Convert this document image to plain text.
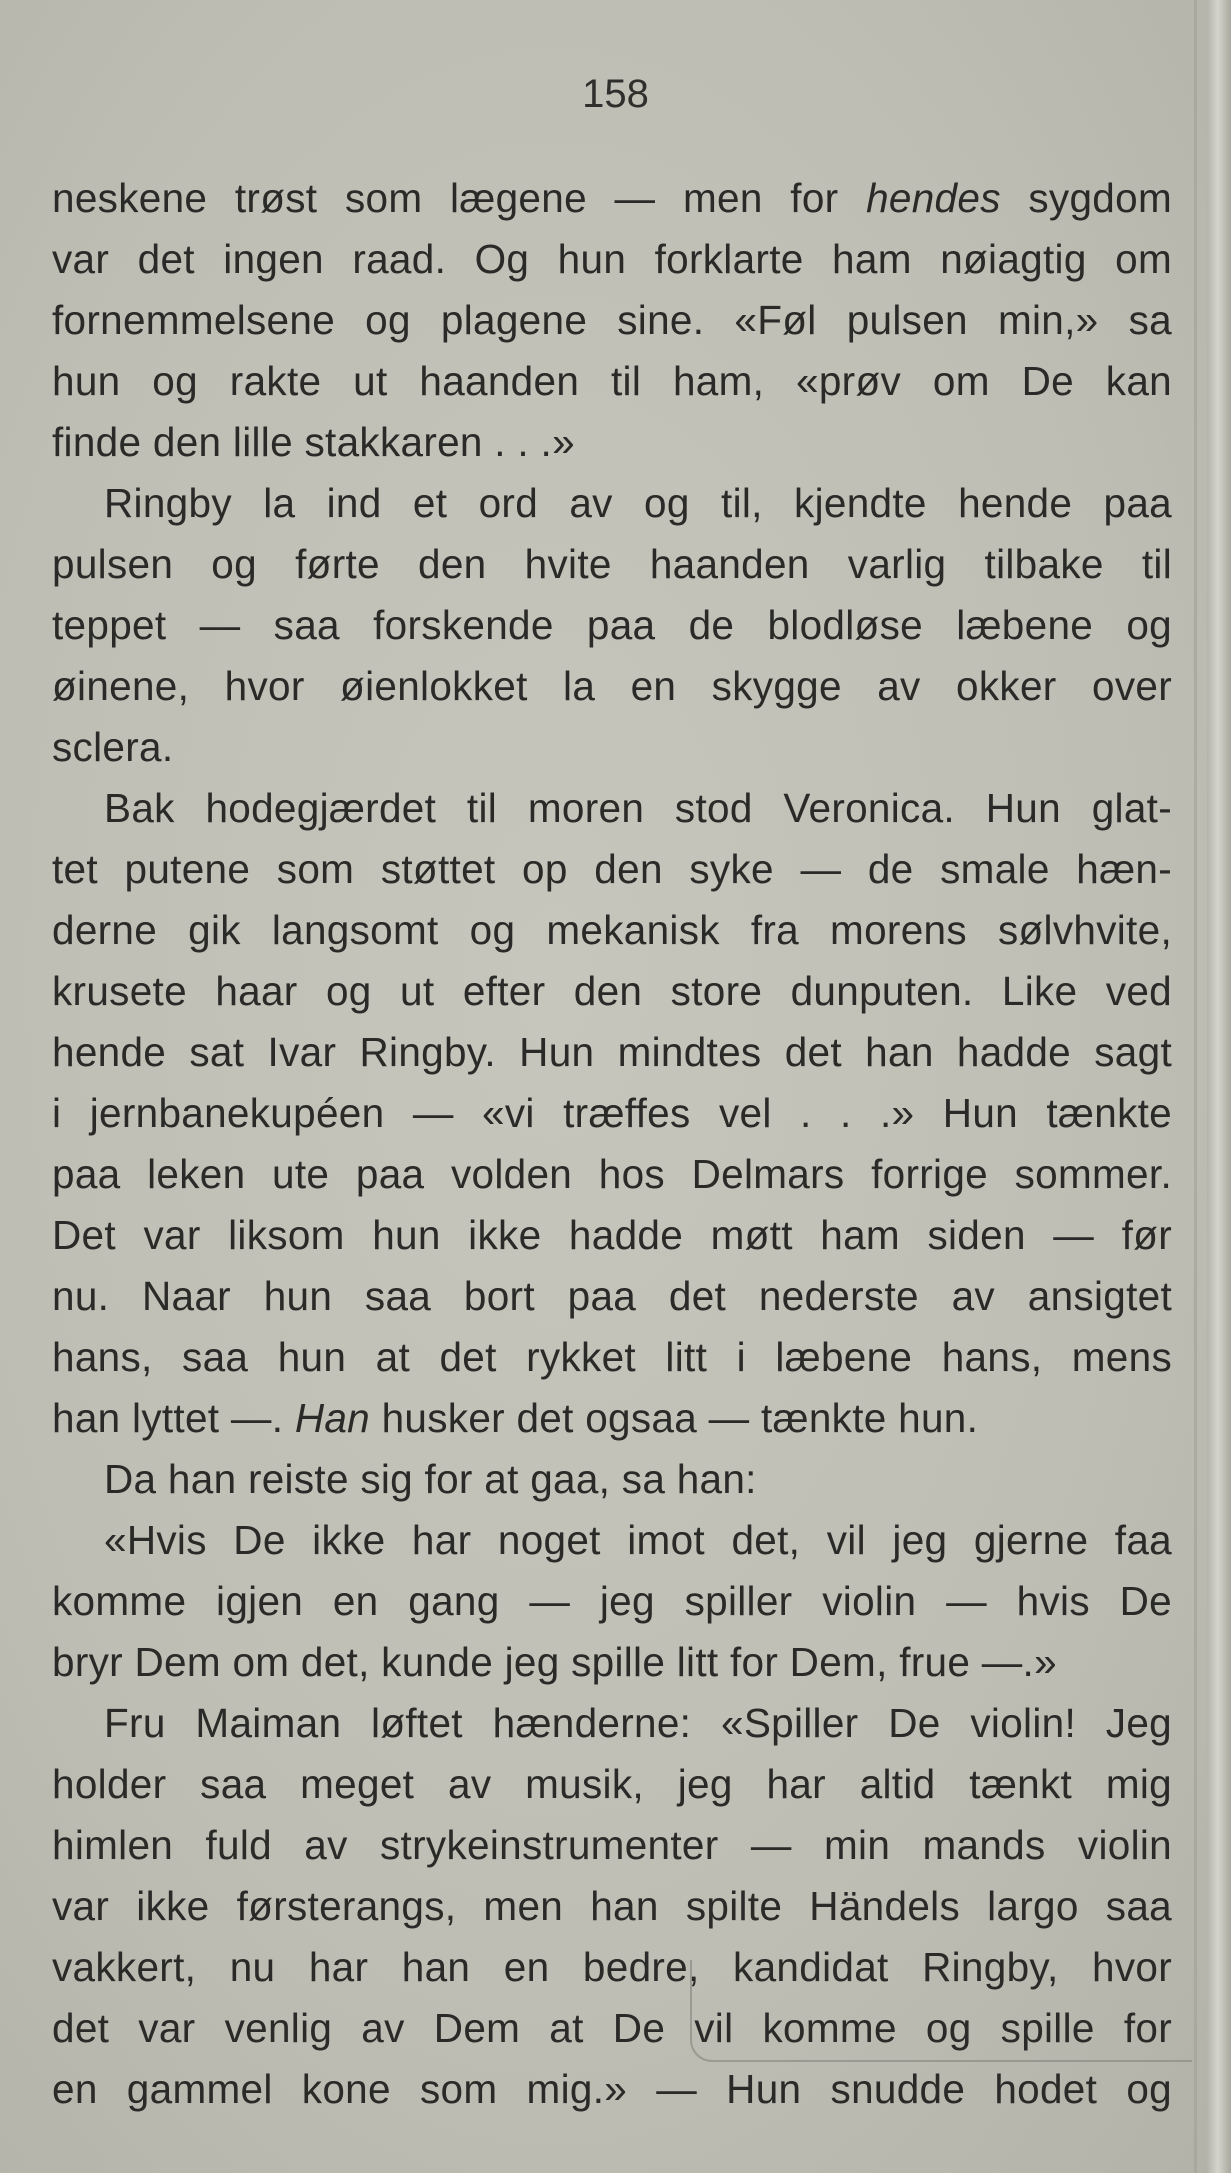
158
neskene trøst som lægene — men for hendes sygdom
var det ingen raad. Og hun forklarte ham nøiagtig om
fornemmelsene og plagene sine. «Føl pulsen min,» sa
hun og rakte ut haanden til ham, «prøv om De kan
finde den lille stakkaren . . .»
Ringby la ind et ord av og til, kjendte hende paa
pulsen og førte den hvite haanden varlig tilbake til
teppet — saa forskende paa de blodløse læbene og
øinene, hvor øienlokket la en skygge av okker over
sclera.
Bak hodegjærdet til moren stod Veronica. Hun glat-
tet putene som støttet op den syke — de smale hæn-
derne gik langsomt og mekanisk fra morens sølvhvite,
krusete haar og ut efter den store dunputen. Like ved
hende sat Ivar Ringby. Hun mindtes det han hadde sagt
i jernbanekupéen — «vi træffes vel . . .» Hun tænkte
paa leken ute paa volden hos Delmars forrige sommer.
Det var liksom hun ikke hadde møtt ham siden — før
nu. Naar hun saa bort paa det nederste av ansigtet
hans, saa hun at det rykket litt i læbene hans, mens
han lyttet —. Han husker det ogsaa — tænkte hun.
Da han reiste sig for at gaa, sa han:
«Hvis De ikke har noget imot det, vil jeg gjerne faa
komme igjen en gang — jeg spiller violin — hvis De
bryr Dem om det, kunde jeg spille litt for Dem, frue —.»
Fru Maiman løftet hænderne: «Spiller De violin! Jeg
holder saa meget av musik, jeg har altid tænkt mig
himlen fuld av strykeinstrumenter — min mands violin
var ikke førsterangs, men han spilte Händels largo saa
vakkert, nu har han en bedre, kandidat Ringby, hvor
det var venlig av Dem at De vil komme og spille for
en gammel kone som mig.» — Hun snudde hodet og
